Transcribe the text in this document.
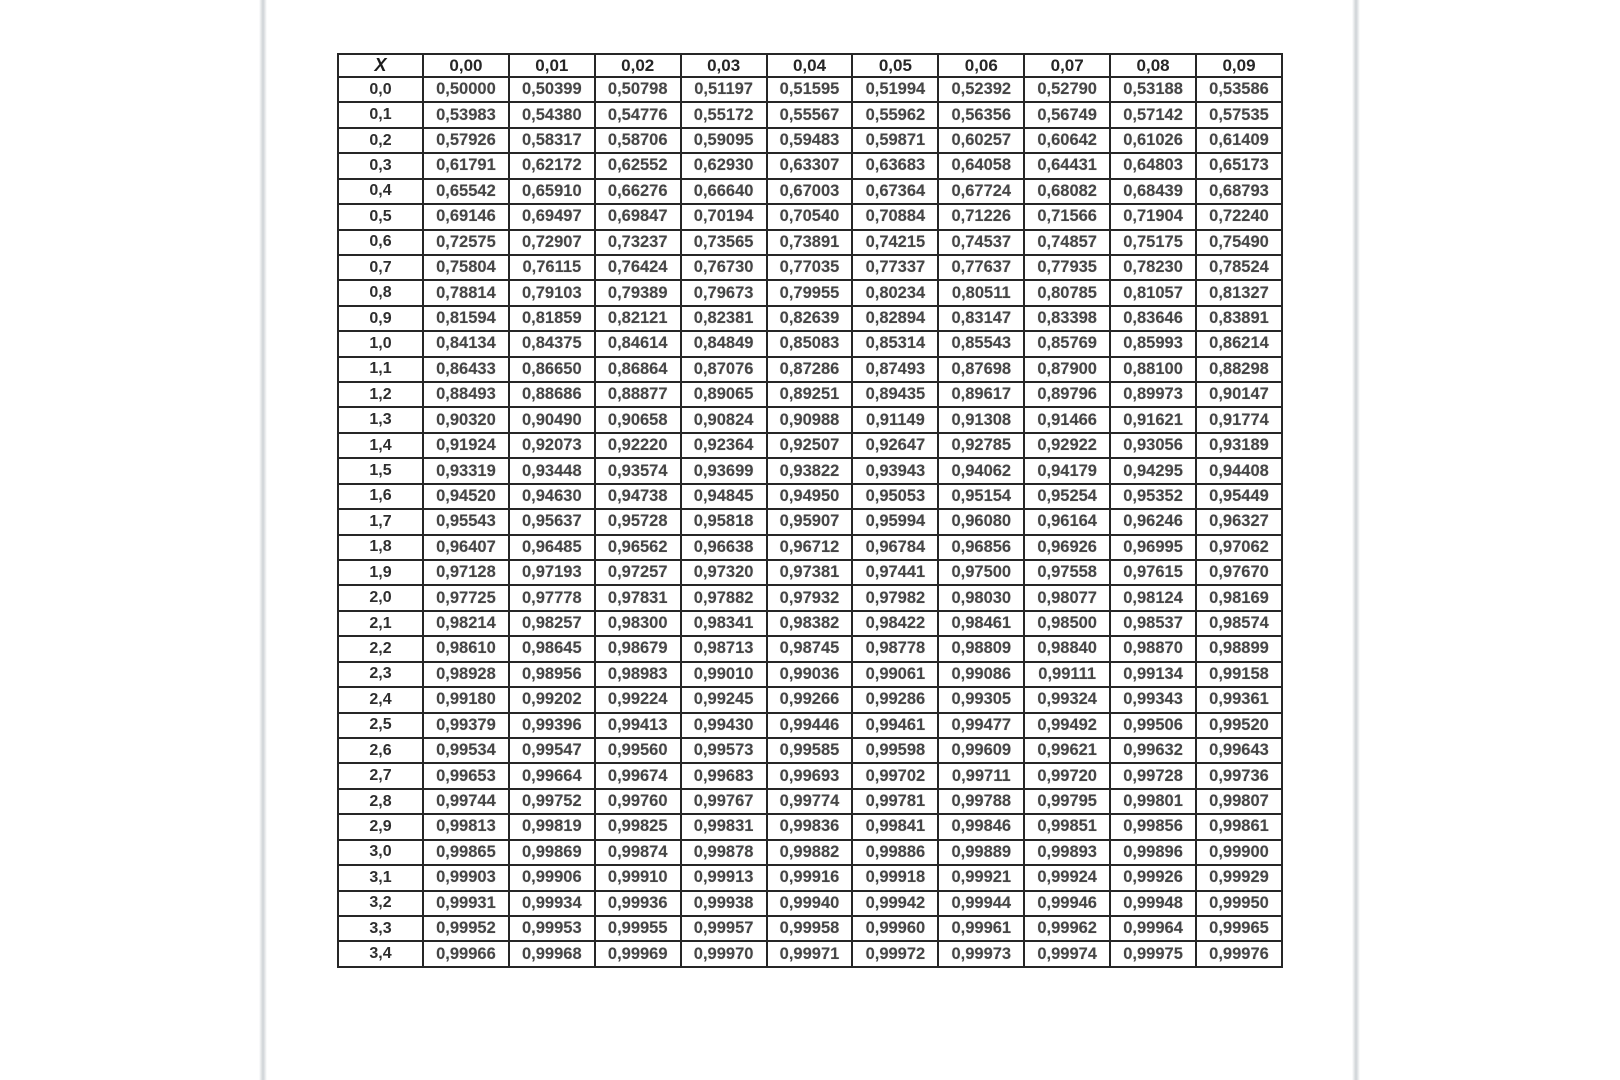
X	0,00	0,01	0,02	0,03	0,04	0,05	0,06	0,07	0,08	0,09
0,0	0,50000	0,50399	0,50798	0,51197	0,51595	0,51994	0,52392	0,52790	0,53188	0,53586
0,1	0,53983	0,54380	0,54776	0,55172	0,55567	0,55962	0,56356	0,56749	0,57142	0,57535
0,2	0,57926	0,58317	0,58706	0,59095	0,59483	0,59871	0,60257	0,60642	0,61026	0,61409
0,3	0,61791	0,62172	0,62552	0,62930	0,63307	0,63683	0,64058	0,64431	0,64803	0,65173
0,4	0,65542	0,65910	0,66276	0,66640	0,67003	0,67364	0,67724	0,68082	0,68439	0,68793
0,5	0,69146	0,69497	0,69847	0,70194	0,70540	0,70884	0,71226	0,71566	0,71904	0,72240
0,6	0,72575	0,72907	0,73237	0,73565	0,73891	0,74215	0,74537	0,74857	0,75175	0,75490
0,7	0,75804	0,76115	0,76424	0,76730	0,77035	0,77337	0,77637	0,77935	0,78230	0,78524
0,8	0,78814	0,79103	0,79389	0,79673	0,79955	0,80234	0,80511	0,80785	0,81057	0,81327
0,9	0,81594	0,81859	0,82121	0,82381	0,82639	0,82894	0,83147	0,83398	0,83646	0,83891
1,0	0,84134	0,84375	0,84614	0,84849	0,85083	0,85314	0,85543	0,85769	0,85993	0,86214
1,1	0,86433	0,86650	0,86864	0,87076	0,87286	0,87493	0,87698	0,87900	0,88100	0,88298
1,2	0,88493	0,88686	0,88877	0,89065	0,89251	0,89435	0,89617	0,89796	0,89973	0,90147
1,3	0,90320	0,90490	0,90658	0,90824	0,90988	0,91149	0,91308	0,91466	0,91621	0,91774
1,4	0,91924	0,92073	0,92220	0,92364	0,92507	0,92647	0,92785	0,92922	0,93056	0,93189
1,5	0,93319	0,93448	0,93574	0,93699	0,93822	0,93943	0,94062	0,94179	0,94295	0,94408
1,6	0,94520	0,94630	0,94738	0,94845	0,94950	0,95053	0,95154	0,95254	0,95352	0,95449
1,7	0,95543	0,95637	0,95728	0,95818	0,95907	0,95994	0,96080	0,96164	0,96246	0,96327
1,8	0,96407	0,96485	0,96562	0,96638	0,96712	0,96784	0,96856	0,96926	0,96995	0,97062
1,9	0,97128	0,97193	0,97257	0,97320	0,97381	0,97441	0,97500	0,97558	0,97615	0,97670
2,0	0,97725	0,97778	0,97831	0,97882	0,97932	0,97982	0,98030	0,98077	0,98124	0,98169
2,1	0,98214	0,98257	0,98300	0,98341	0,98382	0,98422	0,98461	0,98500	0,98537	0,98574
2,2	0,98610	0,98645	0,98679	0,98713	0,98745	0,98778	0,98809	0,98840	0,98870	0,98899
2,3	0,98928	0,98956	0,98983	0,99010	0,99036	0,99061	0,99086	0,99111	0,99134	0,99158
2,4	0,99180	0,99202	0,99224	0,99245	0,99266	0,99286	0,99305	0,99324	0,99343	0,99361
2,5	0,99379	0,99396	0,99413	0,99430	0,99446	0,99461	0,99477	0,99492	0,99506	0,99520
2,6	0,99534	0,99547	0,99560	0,99573	0,99585	0,99598	0,99609	0,99621	0,99632	0,99643
2,7	0,99653	0,99664	0,99674	0,99683	0,99693	0,99702	0,99711	0,99720	0,99728	0,99736
2,8	0,99744	0,99752	0,99760	0,99767	0,99774	0,99781	0,99788	0,99795	0,99801	0,99807
2,9	0,99813	0,99819	0,99825	0,99831	0,99836	0,99841	0,99846	0,99851	0,99856	0,99861
3,0	0,99865	0,99869	0,99874	0,99878	0,99882	0,99886	0,99889	0,99893	0,99896	0,99900
3,1	0,99903	0,99906	0,99910	0,99913	0,99916	0,99918	0,99921	0,99924	0,99926	0,99929
3,2	0,99931	0,99934	0,99936	0,99938	0,99940	0,99942	0,99944	0,99946	0,99948	0,99950
3,3	0,99952	0,99953	0,99955	0,99957	0,99958	0,99960	0,99961	0,99962	0,99964	0,99965
3,4	0,99966	0,99968	0,99969	0,99970	0,99971	0,99972	0,99973	0,99974	0,99975	0,99976
